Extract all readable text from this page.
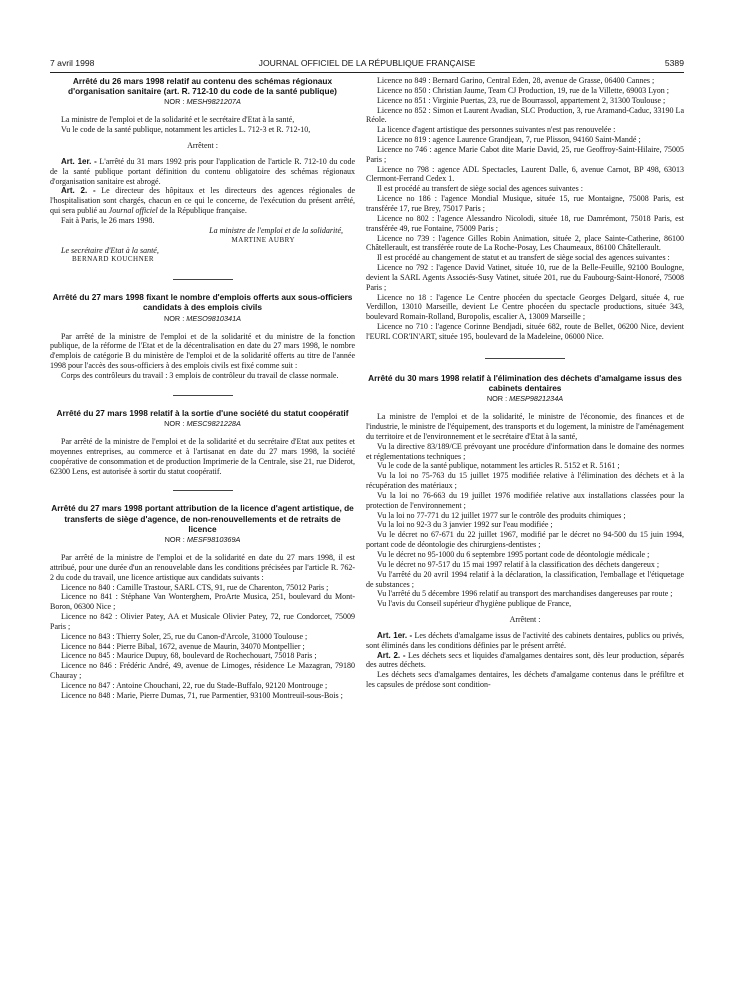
7 avril 1998	JOURNAL OFFICIEL DE LA RÉPUBLIQUE FRANÇAISE	5389

Arrêté du 26 mars 1998 relatif au contenu des schémas régionaux d'organisation sanitaire (art. R. 712-10 du code de la santé publique)

NOR : MESH9821207A

La ministre de l'emploi et de la solidarité et le secrétaire d'Etat à la santé,

Vu le code de la santé publique, notamment les articles L. 712-3 et R. 712-10,

Arrêtent :

Art. 1er. - L'arrêté du 31 mars 1992 pris pour l'application de l'article R. 712-10 du code de la santé publique portant définition du contenu obligatoire des schémas régionaux d'organisation sanitaire est abrogé.

Art. 2. - Le directeur des hôpitaux et les directeurs des agences régionales de l'hospitalisation sont chargés, chacun en ce qui le concerne, de l'exécution du présent arrêté, qui sera publié au Journal officiel de la République française.

Fait à Paris, le 26 mars 1998.

La ministre de l'emploi et de la solidarité,

MARTINE AUBRY

Le secrétaire d'Etat à la santé,

BERNARD KOUCHNER

Arrêté du 27 mars 1998 fixant le nombre d'emplois offerts aux sous-officiers candidats à des emplois civils

NOR : MESO9810341A

Par arrêté de la ministre de l'emploi et de la solidarité et du ministre de la fonction publique, de la réforme de l'Etat et de la décentralisation en date du 27 mars 1998, le nombre d'emplois de catégorie B du ministère de l'emploi et de la solidarité offerts au titre de l'année 1998 pour l'accès des sous-officiers à des emplois civils est fixé comme suit :

Corps des contrôleurs du travail : 3 emplois de contrôleur du travail de classe normale.

Arrêté du 27 mars 1998 relatif à la sortie d'une société du statut coopératif

NOR : MESC9821228A

Par arrêté de la ministre de l'emploi et de la solidarité et du secrétaire d'Etat aux petites et moyennes entreprises, au commerce et à l'artisanat en date du 27 mars 1998, la société coopérative de consommation et de production Imprimerie de la Centrale, sise 21, rue Diderot, 62300 Lens, est autorisée à sortir du statut coopératif.

Arrêté du 27 mars 1998 portant attribution de la licence d'agent artistique, de transferts de siège d'agence, de non-renouvellements et de retraits de licence

NOR : MESF9810369A

Par arrêté de la ministre de l'emploi et de la solidarité en date du 27 mars 1998, il est attribué, pour une durée d'un an renouvelable dans les conditions précisées par l'article R. 762-2 du code du travail, une licence artistique aux candidats suivants :

Licence no 840 : Camille Trastour, SARL CTS, 91, rue de Charenton, 75012 Paris ;

Licence no 841 : Stéphane Van Wonterghem, ProArte Musica, 251, boulevard du Mont-Boron, 06300 Nice ;

Licence no 842 : Olivier Patey, AA et Musicale Olivier Patey, 72, rue Condorcet, 75009 Paris ;

Licence no 843 : Thierry Soler, 25, rue du Canon-d'Arcole, 31000 Toulouse ;

Licence no 844 : Pierre Bibal, 1672, avenue de Maurin, 34070 Montpellier ;

Licence no 845 : Maurice Dupuy, 68, boulevard de Rochechouart, 75018 Paris ;

Licence no 846 : Frédéric André, 49, avenue de Limoges, résidence Le Mazagran, 79180 Chauray ;

Licence no 847 : Antoine Chouchani, 22, rue du Stade-Buffalo, 92120 Montrouge ;

Licence no 848 : Marie, Pierre Dumas, 71, rue Parmentier, 93100 Montreuil-sous-Bois ;

Licence no 849 : Bernard Garino, Central Eden, 28, avenue de Grasse, 06400 Cannes ;

Licence no 850 : Christian Jaume, Team CJ Production, 19, rue de la Villette, 69003 Lyon ;

Licence no 851 : Virginie Puertas, 23, rue de Bourrassol, appartement 2, 31300 Toulouse ;

Licence no 852 : Simon et Laurent Avadian, SLC Production, 3, rue Aramand-Caduc, 33190 La Réole.

La licence d'agent artistique des personnes suivantes n'est pas renouvelée :

Licence no 819 : agence Laurence Grandjean, 7, rue Plisson, 94160 Saint-Mandé ;

Licence no 746 : agence Marie Cabot dite Marie David, 25, rue Geoffroy-Saint-Hilaire, 75005 Paris ;

Licence no 798 : agence ADL Spectacles, Laurent Dalle, 6, avenue Carnot, BP 498, 63013 Clermont-Ferrand Cedex 1.

Il est procédé au transfert de siège social des agences suivantes :

Licence no 186 : l'agence Mondial Musique, située 15, rue Montaigne, 75008 Paris, est transférée 17, rue Brey, 75017 Paris ;

Licence no 802 : l'agence Alessandro Nicolodi, située 18, rue Damrémont, 75018 Paris, est transférée 49, rue Fontaine, 75009 Paris ;

Licence no 739 : l'agence Gilles Robin Animation, située 2, place Sainte-Catherine, 86100 Châtellerault, est transférée route de La Roche-Posay, Les Chaumeaux, 86100 Châtellerault.

Il est procédé au changement de statut et au transfert de siège social des agences suivantes :

Licence no 792 : l'agence David Vatinet, située 10, rue de la Belle-Feuille, 92100 Boulogne, devient la SARL Agents Associés-Susy Vatinet, située 201, rue du Faubourg-Saint-Honoré, 75008 Paris ;

Licence no 18 : l'agence Le Centre phocéen du spectacle Georges Delgard, située 4, rue Verdillon, 13010 Marseille, devient Le Centre phocéen du spectacle productions, située 343, boulevard Romain-Rolland, Buropolis, escalier A, 13009 Marseille ;

Licence no 710 : l'agence Corinne Bendjadi, située 682, route de Bellet, 06200 Nice, devient l'EURL COR'IN'ART, située 195, boulevard de la Madeleine, 06000 Nice.

Arrêté du 30 mars 1998 relatif à l'élimination des déchets d'amalgame issus des cabinets dentaires

NOR : MESP9821234A

La ministre de l'emploi et de la solidarité, le ministre de l'économie, des finances et de l'industrie, le ministre de l'équipement, des transports et du logement, la ministre de l'aménagement du territoire et de l'environnement et le secrétaire d'Etat à la santé,

Vu la directive 83/189/CE prévoyant une procédure d'information dans le domaine des normes et réglementations techniques ;

Vu le code de la santé publique, notamment les articles R. 5152 et R. 5161 ;

Vu la loi no 75-763 du 15 juillet 1975 modifiée relative à l'élimination des déchets et à la récupération des matériaux ;

Vu la loi no 76-663 du 19 juillet 1976 modifiée relative aux installations classées pour la protection de l'environnement ;

Vu la loi no 77-771 du 12 juillet 1977 sur le contrôle des produits chimiques ;

Vu la loi no 92-3 du 3 janvier 1992 sur l'eau modifiée ;

Vu le décret no 67-671 du 22 juillet 1967, modifié par le décret no 94-500 du 15 juin 1994, portant code de déontologie des chirurgiens-dentistes ;

Vu le décret no 95-1000 du 6 septembre 1995 portant code de déontologie médicale ;

Vu le décret no 97-517 du 15 mai 1997 relatif à la classification des déchets dangereux ;

Vu l'arrêté du 20 avril 1994 relatif à la déclaration, la classification, l'emballage et l'étiquetage de substances ;

Vu l'arrêté du 5 décembre 1996 relatif au transport des marchandises dangereuses par route ;

Vu l'avis du Conseil supérieur d'hygiène publique de France,

Arrêtent :

Art. 1er. - Les déchets d'amalgame issus de l'activité des cabinets dentaires, publics ou privés, sont éliminés dans les conditions définies par le présent arrêté.

Art. 2. - Les déchets secs et liquides d'amalgames dentaires sont, dès leur production, séparés des autres déchets.

Les déchets secs d'amalgames dentaires, les déchets d'amalgame contenus dans le préfiltre et les capsules de prédose sont condition-
